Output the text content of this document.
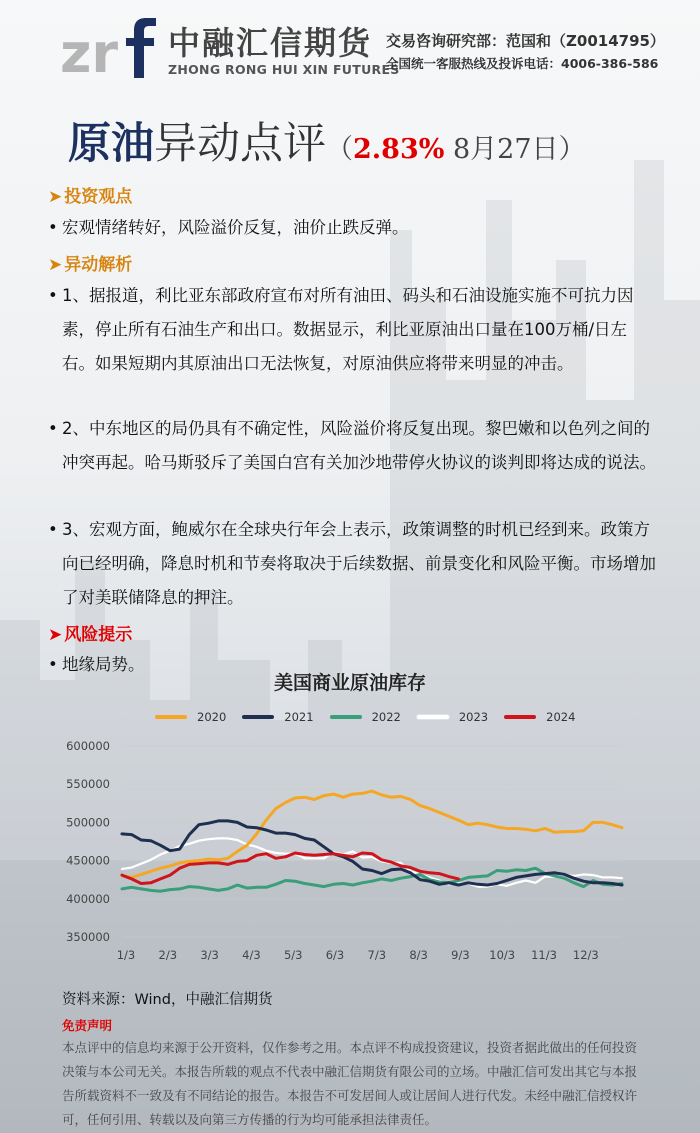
zr 中融汇信期货
ZHONG RONG HUI XIN FUTURES
交易咨询研究部：范国和（Z0014795）
全国统一客服热线及投诉电话：4006-386-586
原油异动点评（2.83% 8月27日）
➤ 投资观点
• 宏观情绪转好，风险溢价反复，油价止跌反弹。
➤ 异动解析
• 1、据报道，利比亚东部政府宣布对所有油田、码头和石油设施实施不可抗力因素，停止所有石油生产和出口。数据显示，利比亚原油出口量在100万桶/日左右。如果短期内其原油出口无法恢复，对原油供应将带来明显的冲击。
• 2、中东地区的局仍具有不确定性，风险溢价将反复出现。黎巴嫩和以色列之间的冲突再起。哈马斯驳斥了美国白宫有关加沙地带停火协议的谈判即将达成的说法。
• 3、宏观方面，鲍威尔在全球央行年会上表示，政策调整的时机已经到来。政策方向已经明确，降息时机和节奏将取决于后续数据、前景变化和风险平衡。市场增加了对美联储降息的押注。
➤ 风险提示
• 地缘局势。
美国商业原油库存
2020	2021	2022	2023	2024
600000
550000
500000
450000
400000
350000
1/3 2/3 3/3 4/3 5/3 6/3 7/3 8/3 9/3 10/3 11/3 12/3
资料来源：Wind，中融汇信期货
免责声明
本点评中的信息均来源于公开资料，仅作参考之用。本点评不构成投资建议，投资者据此做出的任何投资决策与本公司无关。本报告所载的观点不代表中融汇信期货有限公司的立场。中融汇信可发出其它与本报告所载资料不一致及有不同结论的报告。本报告不可发居间人或让居间人进行代发。未经中融汇信授权许可，任何引用、转载以及向第三方传播的行为均可能承担法律责任。
